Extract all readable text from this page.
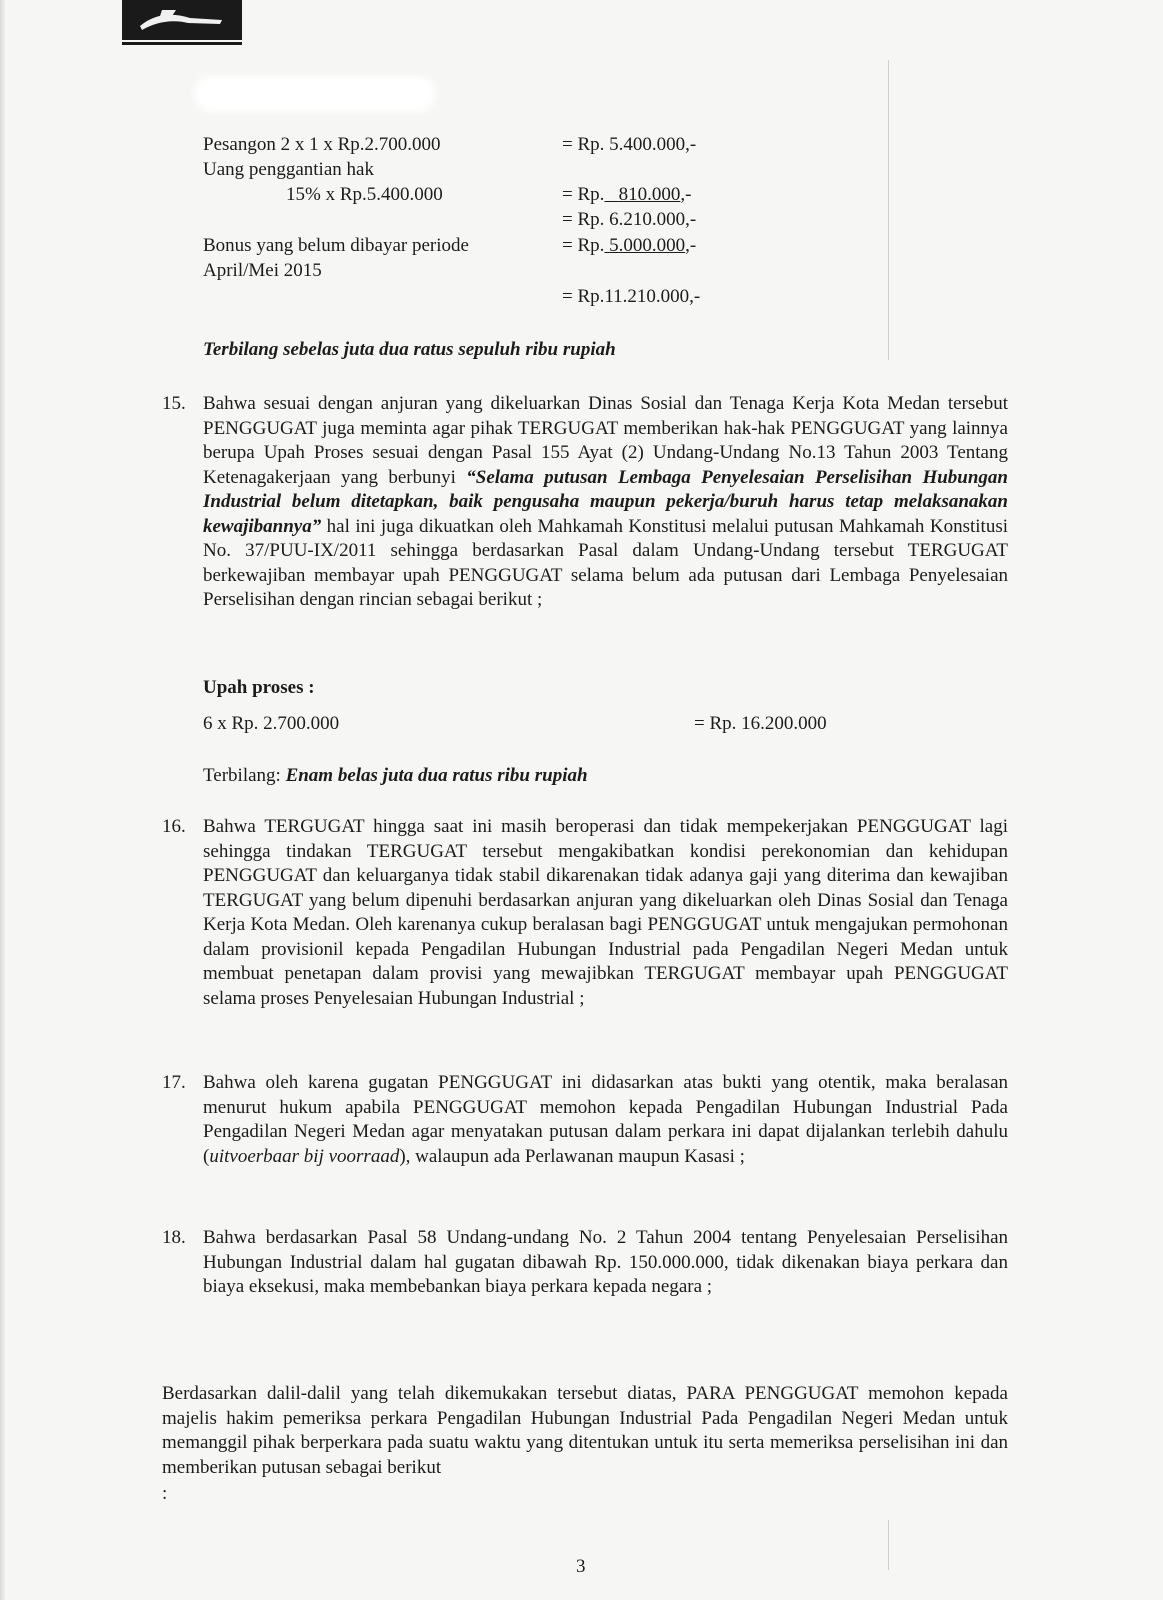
Pesangon 2 x 1 x Rp.2.700.000	= Rp. 5.400.000,-
Uang penggantian hak
15% x Rp.5.400.000	= Rp. 810.000,-
= Rp. 6.210.000,-
Bonus yang belum dibayar periode	= Rp. 5.000.000,-
April/Mei 2015
= Rp.11.210.000,-
Terbilang sebelas juta dua ratus sepuluh ribu rupiah
15. Bahwa sesuai dengan anjuran yang dikeluarkan Dinas Sosial dan Tenaga Kerja Kota Medan tersebut PENGGUGAT juga meminta agar pihak TERGUGAT memberikan hak-hak PENGGUGAT yang lainnya berupa Upah Proses sesuai dengan Pasal 155 Ayat (2) Undang-Undang No.13 Tahun 2003 Tentang Ketenagakerjaan yang berbunyi “Selama putusan Lembaga Penyelesaian Perselisihan Hubungan Industrial belum ditetapkan, baik pengusaha maupun pekerja/buruh harus tetap melaksanakan kewajibannya” hal ini juga dikuatkan oleh Mahkamah Konstitusi melalui putusan Mahkamah Konstitusi No. 37/PUU-IX/2011 sehingga berdasarkan Pasal dalam Undang-Undang tersebut TERGUGAT berkewajiban membayar upah PENGGUGAT selama belum ada putusan dari Lembaga Penyelesaian Perselisihan dengan rincian sebagai berikut ;
Upah proses :
6 x Rp. 2.700.000	= Rp. 16.200.000
Terbilang: Enam belas juta dua ratus ribu rupiah
16. Bahwa TERGUGAT hingga saat ini masih beroperasi dan tidak mempekerjakan PENGGUGAT lagi sehingga tindakan TERGUGAT tersebut mengakibatkan kondisi perekonomian dan kehidupan PENGGUGAT dan keluarganya tidak stabil dikarenakan tidak adanya gaji yang diterima dan kewajiban TERGUGAT yang belum dipenuhi berdasarkan anjuran yang dikeluarkan oleh Dinas Sosial dan Tenaga Kerja Kota Medan. Oleh karenanya cukup beralasan bagi PENGGUGAT untuk mengajukan permohonan dalam provisionil kepada Pengadilan Hubungan Industrial pada Pengadilan Negeri Medan untuk membuat penetapan dalam provisi yang mewajibkan TERGUGAT membayar upah PENGGUGAT selama proses Penyelesaian Hubungan Industrial ;
17. Bahwa oleh karena gugatan PENGGUGAT ini didasarkan atas bukti yang otentik, maka beralasan menurut hukum apabila PENGGUGAT memohon kepada Pengadilan Hubungan Industrial Pada Pengadilan Negeri Medan agar menyatakan putusan dalam perkara ini dapat dijalankan terlebih dahulu (uitvoerbaar bij voorraad), walaupun ada Perlawanan maupun Kasasi ;
18. Bahwa berdasarkan Pasal 58 Undang-undang No. 2 Tahun 2004 tentang Penyelesaian Perselisihan Hubungan Industrial dalam hal gugatan dibawah Rp. 150.000.000, tidak dikenakan biaya perkara dan biaya eksekusi, maka membebankan biaya perkara kepada negara ;
Berdasarkan dalil-dalil yang telah dikemukakan tersebut diatas, PARA PENGGUGAT memohon kepada majelis hakim pemeriksa perkara Pengadilan Hubungan Industrial Pada Pengadilan Negeri Medan untuk memanggil pihak berperkara pada suatu waktu yang ditentukan untuk itu serta memeriksa perselisihan ini dan memberikan putusan sebagai berikut
:
3
